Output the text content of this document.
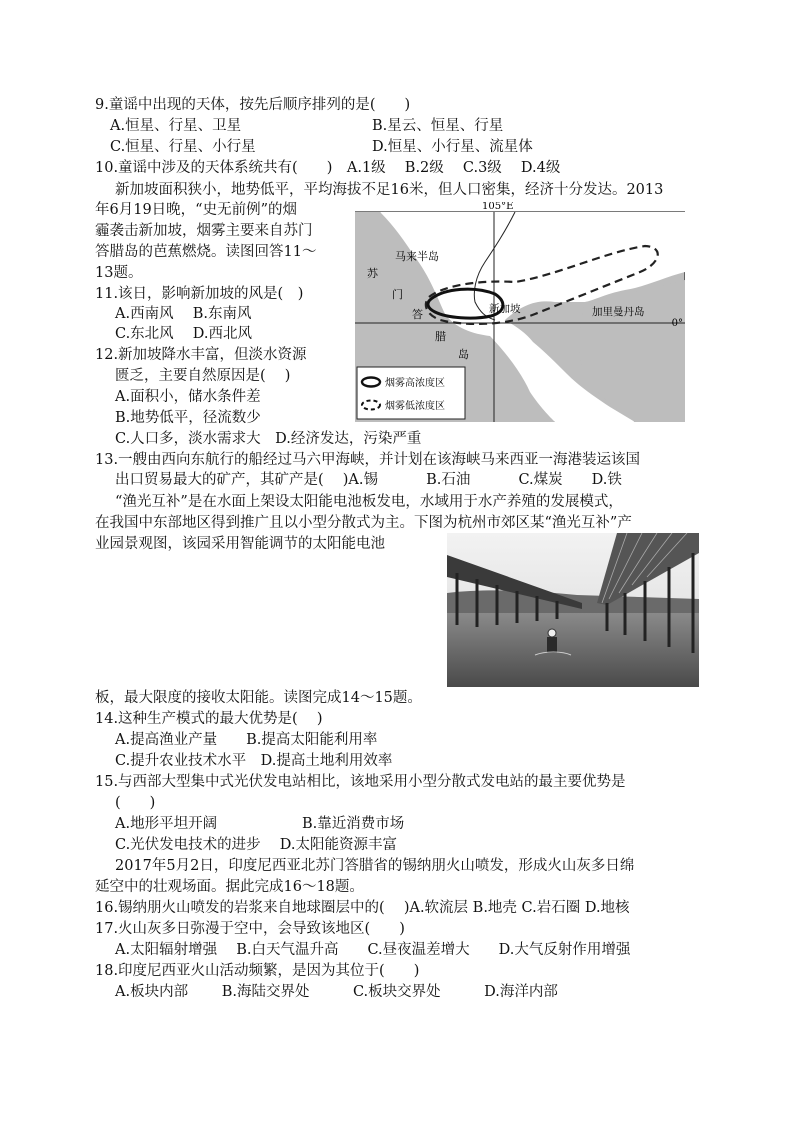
9.童谣中出现的天体，按先后顺序排列的是(　　)
A.恒星、行星、卫星	B.星云、恒星、行星
C.恒星、行星、小行星	D.恒星、小行星、流星体
10.童谣中涉及的天体系统共有(　　)　A.1级　 B.2级　 C.3级　 D.4级
新加坡面积狭小，地势低平，平均海拔不足16米，但人口密集，经济十分发达。2013
年6月19日晚，“史无前例”的烟
霾袭击新加坡，烟雾主要来自苏门
答腊岛的芭蕉燃烧。读图回答11～
13题。
11.该日，影响新加坡的风是(　)
A.西南风　 B.东南风
C.东北风　 D.西北风
12.新加坡降水丰富，但淡水资源
匮乏，主要自然原因是(　 )
A.面积小，储水条件差
B.地势低平，径流数少
C.人口多，淡水需求大　D.经济发达，污染严重
13.一艘由西向东航行的船经过马六甲海峡，并计划在该海峡马来西亚一海港装运该国
出口贸易最大的矿产，其矿产是(　 )A.锡　　　 B.石油　　　 C.煤炭　　D.铁
“渔光互补”是在水面上架设太阳能电池板发电，水域用于水产养殖的发展模式，
在我国中东部地区得到推广且以小型分散式为主。下图为杭州市郊区某“渔光互补”产
业园景观图，该园采用智能调节的太阳能电池
板，最大限度的接收太阳能。读图完成14～15题。
14.这种生产模式的最大优势是(　 )
A.提高渔业产量　　B.提高太阳能利用率
C.提升农业技术水平　D.提高土地利用效率
15.与西部大型集中式光伏发电站相比，该地采用小型分散式发电站的最主要优势是
(　　)
A.地形平坦开阔	B.靠近消费市场
C.光伏发电技术的进步　 D.太阳能资源丰富
2017年5月2日，印度尼西亚北苏门答腊省的锡纳朋火山喷发，形成火山灰多日绵
延空中的壮观场面。据此完成16～18题。
16.锡纳朋火山喷发的岩浆来自地球圈层中的(　 )A.软流层 B.地壳 C.岩石圈 D.地核
17.火山灰多日弥漫于空中，会导致该地区(　　)
A.太阳辐射增强　 B.白天气温升高　　C.昼夜温差增大　　D.大气反射作用增强
18.印度尼西亚火山活动频繁，是因为其位于(　　)
A.板块内部　　 B.海陆交界处　　　C.板块交界处　　　D.海洋内部
105°E
0°
马来半岛
苏
门
答
腊
岛
新加坡	加里曼丹岛
烟雾高浓度区
烟雾低浓度区
